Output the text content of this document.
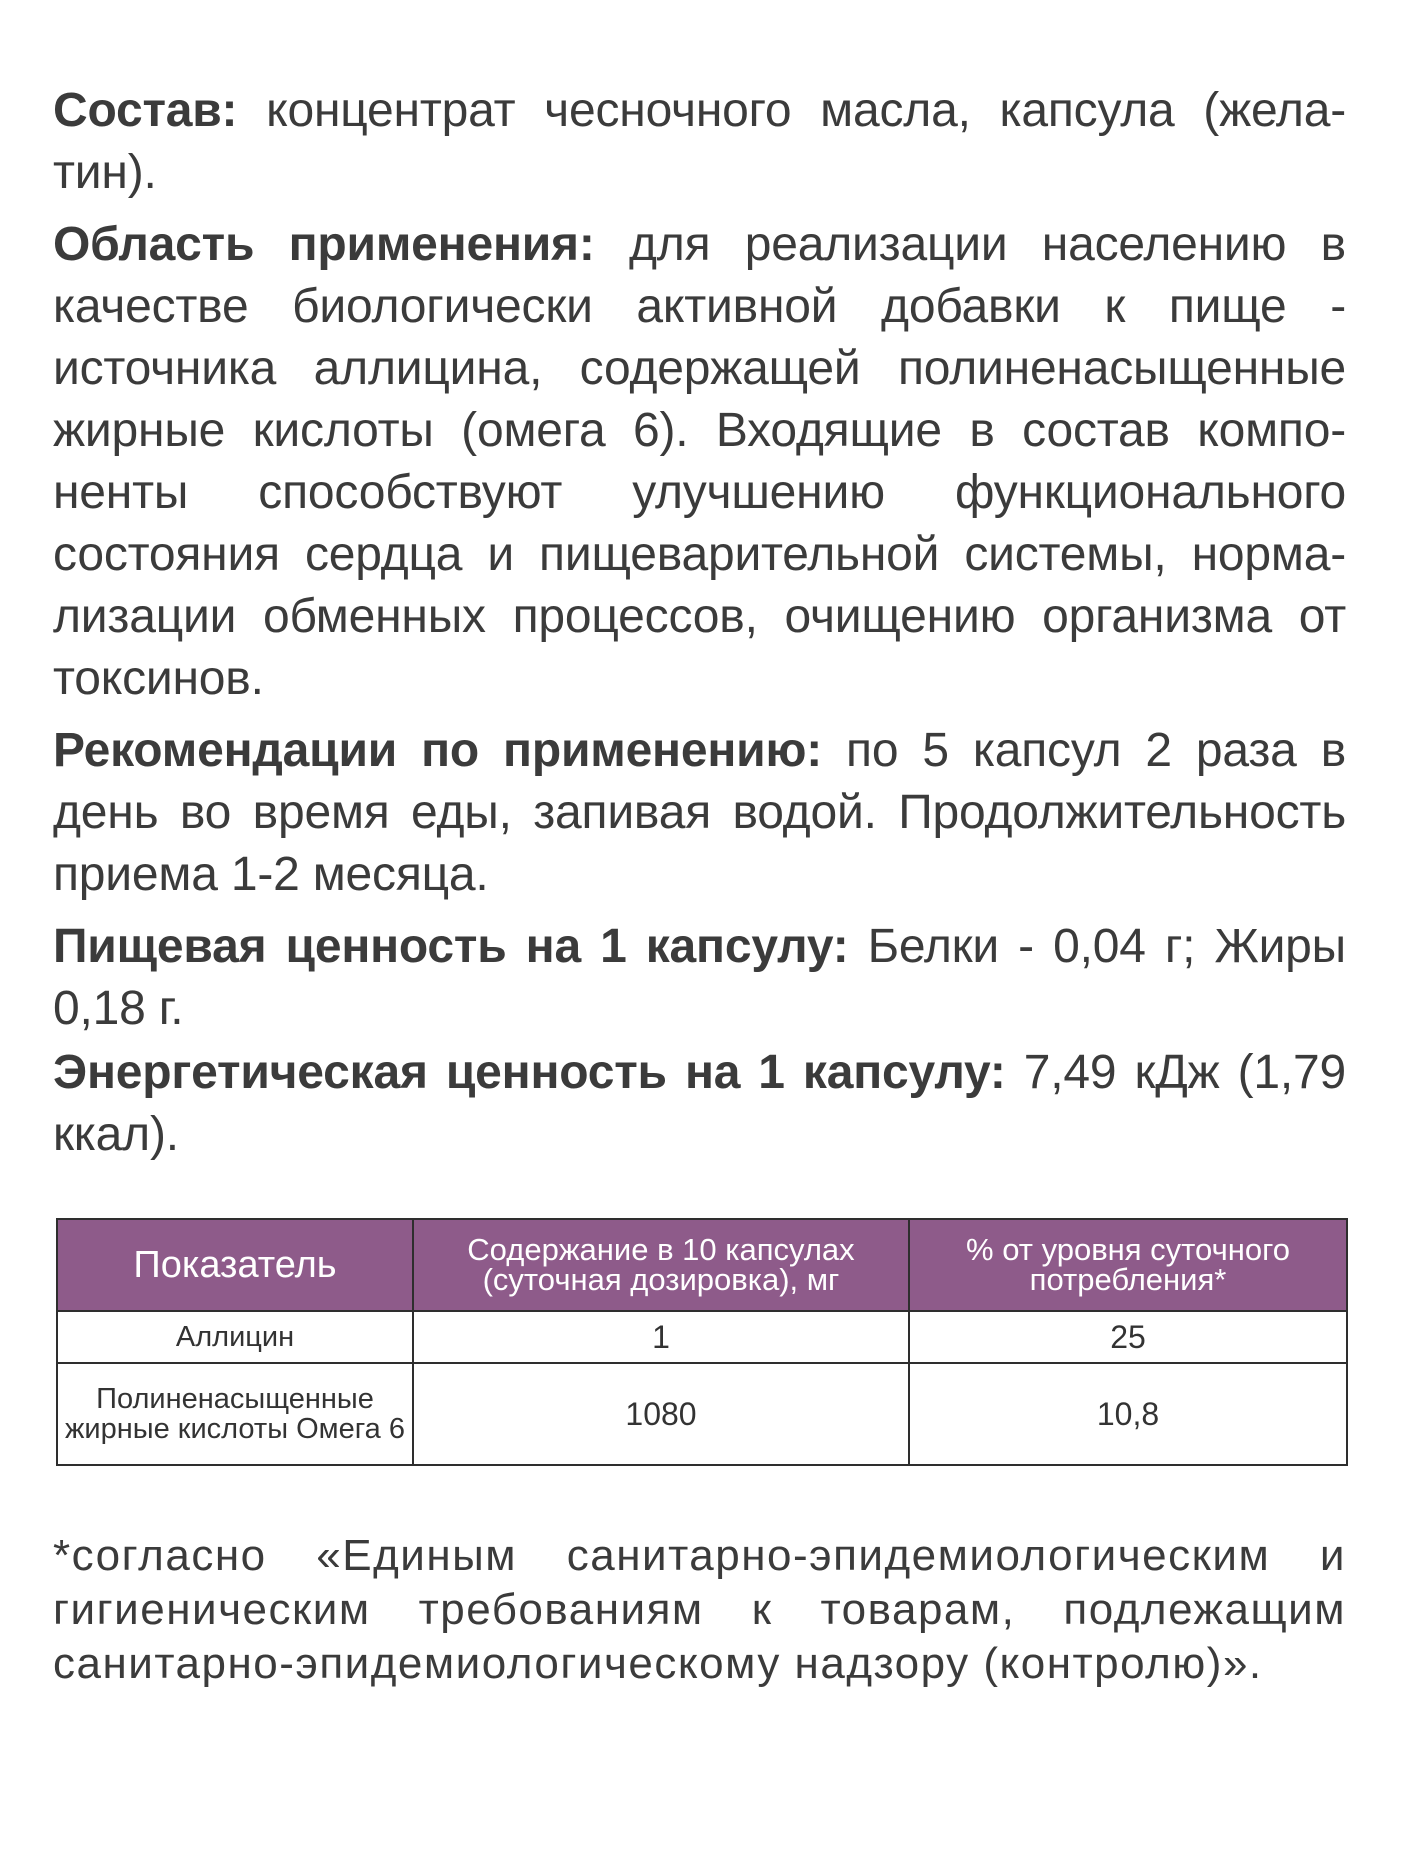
Состав: концентрат чесночного масла, капсула (жела-тин).

Область применения: для реализации населению в качестве биологически активной добавки к пище - источника аллицина, содержащей полиненасыщенные жирные кислоты (омега 6). Входящие в состав компо-ненты способствуют улучшению функционального состояния сердца и пищеварительной системы, норма-лизации обменных процессов, очищению организма от токсинов.

Рекомендации по применению: по 5 капсул 2 раза в день во время еды, запивая водой. Продолжительность приема 1-2 месяца.

Пищевая ценность на 1 капсулу: Белки - 0,04 г; Жиры 0,18 г.

Энергетическая ценность на 1 капсулу: 7,49 кДж (1,79 ккал).

Показатель	Содержание в 10 капсулах (суточная дозировка), мг	% от уровня суточного потребления*
Аллицин	1	25
Полиненасыщенные жирные кислоты Омега 6	1080	10,8

*согласно «Единым санитарно-эпидемиологическим и гигиеническим требованиям к товарам, подлежащим санитарно-эпидемиологическому надзору (контролю)».
